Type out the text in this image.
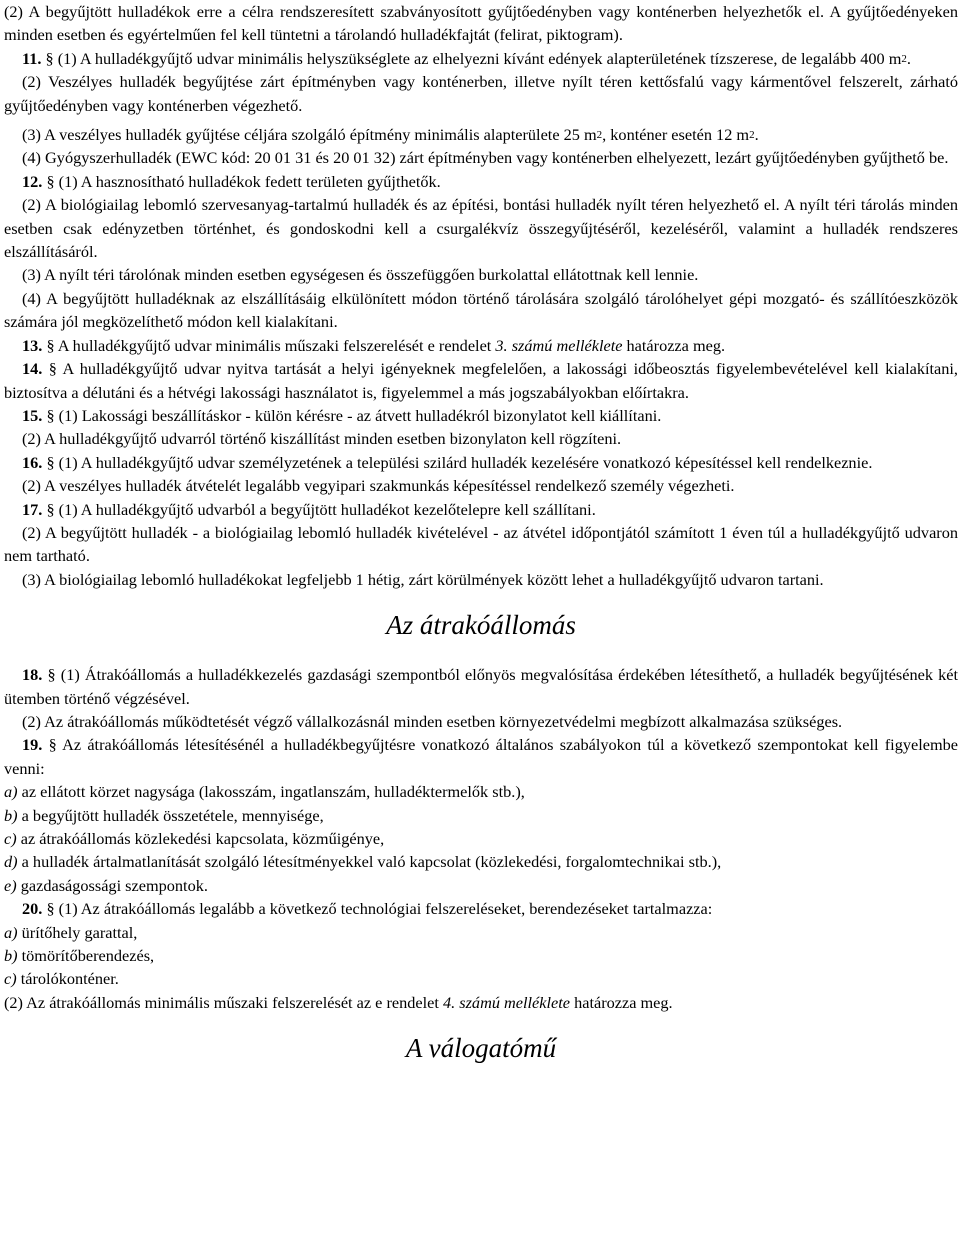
(2) A begyűjtött hulladékok erre a célra rendszeresített szabványosított gyűjtőedényben vagy konténerben helyezhetők el. A gyűjtőedényeken minden esetben és egyértelműen fel kell tüntetni a tárolandó hulladékfajtát (felirat, piktogram).

11. § (1) A hulladékgyűjtő udvar minimális helyszükséglete az elhelyezni kívánt edények alapterületének tízszerese, de legalább 400 $m^2$.

(2) Veszélyes hulladék begyűjtése zárt építményben vagy konténerben, illetve nyílt téren kettősfalú vagy kármentővel felszerelt, zárható gyűjtőedényben vagy konténerben végezhető.

(3) A veszélyes hulladék gyűjtése céljára szolgáló építmény minimális alapterülete 25 $m^2$, konténer esetén 12 $m^2$.

(4) Gyógyszerhulladék (EWC kód: 20 01 31 és 20 01 32) zárt építményben vagy konténerben elhelyezett, lezárt gyűjtőedényben gyűjthető be.

12. § (1) A hasznosítható hulladékok fedett területen gyűjthetők.

(2) A biológiailag lebomló szervesanyag-tartalmú hulladék és az építési, bontási hulladék nyílt téren helyezhető el. A nyílt téri tárolás minden esetben csak edényzetben történhet, és gondoskodni kell a csurgalékvíz összegyűjtéséről, kezeléséről, valamint a hulladék rendszeres elszállításáról.

(3) A nyílt téri tárolónak minden esetben egységesen és összefüggően burkolattal ellátottnak kell lennie.

(4) A begyűjtött hulladéknak az elszállításáig elkülönített módon történő tárolására szolgáló tárolóhelyet gépi mozgató- és szállítóeszközök számára jól megközelíthető módon kell kialakítani.

13. § A hulladékgyűjtő udvar minimális műszaki felszerelését e rendelet 3. számú melléklete határozza meg.

14. § A hulladékgyűjtő udvar nyitva tartását a helyi igényeknek megfelelően, a lakossági időbeosztás figyelembevételével kell kialakítani, biztosítva a délutáni és a hétvégi lakossági használatot is, figyelemmel a más jogszabályokban előírtakra.

15. § (1) Lakossági beszállításkor - külön kérésre - az átvett hulladékról bizonylatot kell kiállítani.

(2) A hulladékgyűjtő udvarról történő kiszállítást minden esetben bizonylaton kell rögzíteni.

16. § (1) A hulladékgyűjtő udvar személyzetének a települési szilárd hulladék kezelésére vonatkozó képesítéssel kell rendelkeznie.

(2) A veszélyes hulladék átvételét legalább vegyipari szakmunkás képesítéssel rendelkező személy végezheti.

17. § (1) A hulladékgyűjtő udvarból a begyűjtött hulladékot kezelőtelepre kell szállítani.

(2) A begyűjtött hulladék - a biológiailag lebomló hulladék kivételével - az átvétel időpontjától számított 1 éven túl a hulladékgyűjtő udvaron nem tartható.

(3) A biológiailag lebomló hulladékokat legfeljebb 1 hétig, zárt körülmények között lehet a hulladékgyűjtő udvaron tartani.

Az átrakóállomás

18. § (1) Átrakóállomás a hulladékkezelés gazdasági szempontból előnyös megvalósítása érdekében létesíthető, a hulladék begyűjtésének két ütemben történő végzésével.

(2) Az átrakóállomás működtetését végző vállalkozásnál minden esetben környezetvédelmi megbízott alkalmazása szükséges.

19. § Az átrakóállomás létesítésénél a hulladékbegyűjtésre vonatkozó általános szabályokon túl a következő szempontokat kell figyelembe venni:

a) az ellátott körzet nagysága (lakosszám, ingatlanszám, hulladéktermelők stb.),

b) a begyűjtött hulladék összetétele, mennyisége,

c) az átrakóállomás közlekedési kapcsolata, közműigénye,

d) a hulladék ártalmatlanítását szolgáló létesítményekkel való kapcsolat (közlekedési, forgalomtechnikai stb.),

e) gazdaságossági szempontok.

20. § (1) Az átrakóállomás legalább a következő technológiai felszereléseket, berendezéseket tartalmazza:

a) ürítőhely garattal,

b) tömörítőberendezés,

c) tárolókonténer.

(2) Az átrakóállomás minimális műszaki felszerelését az e rendelet 4. számú melléklete határozza meg.

A válogatómű
